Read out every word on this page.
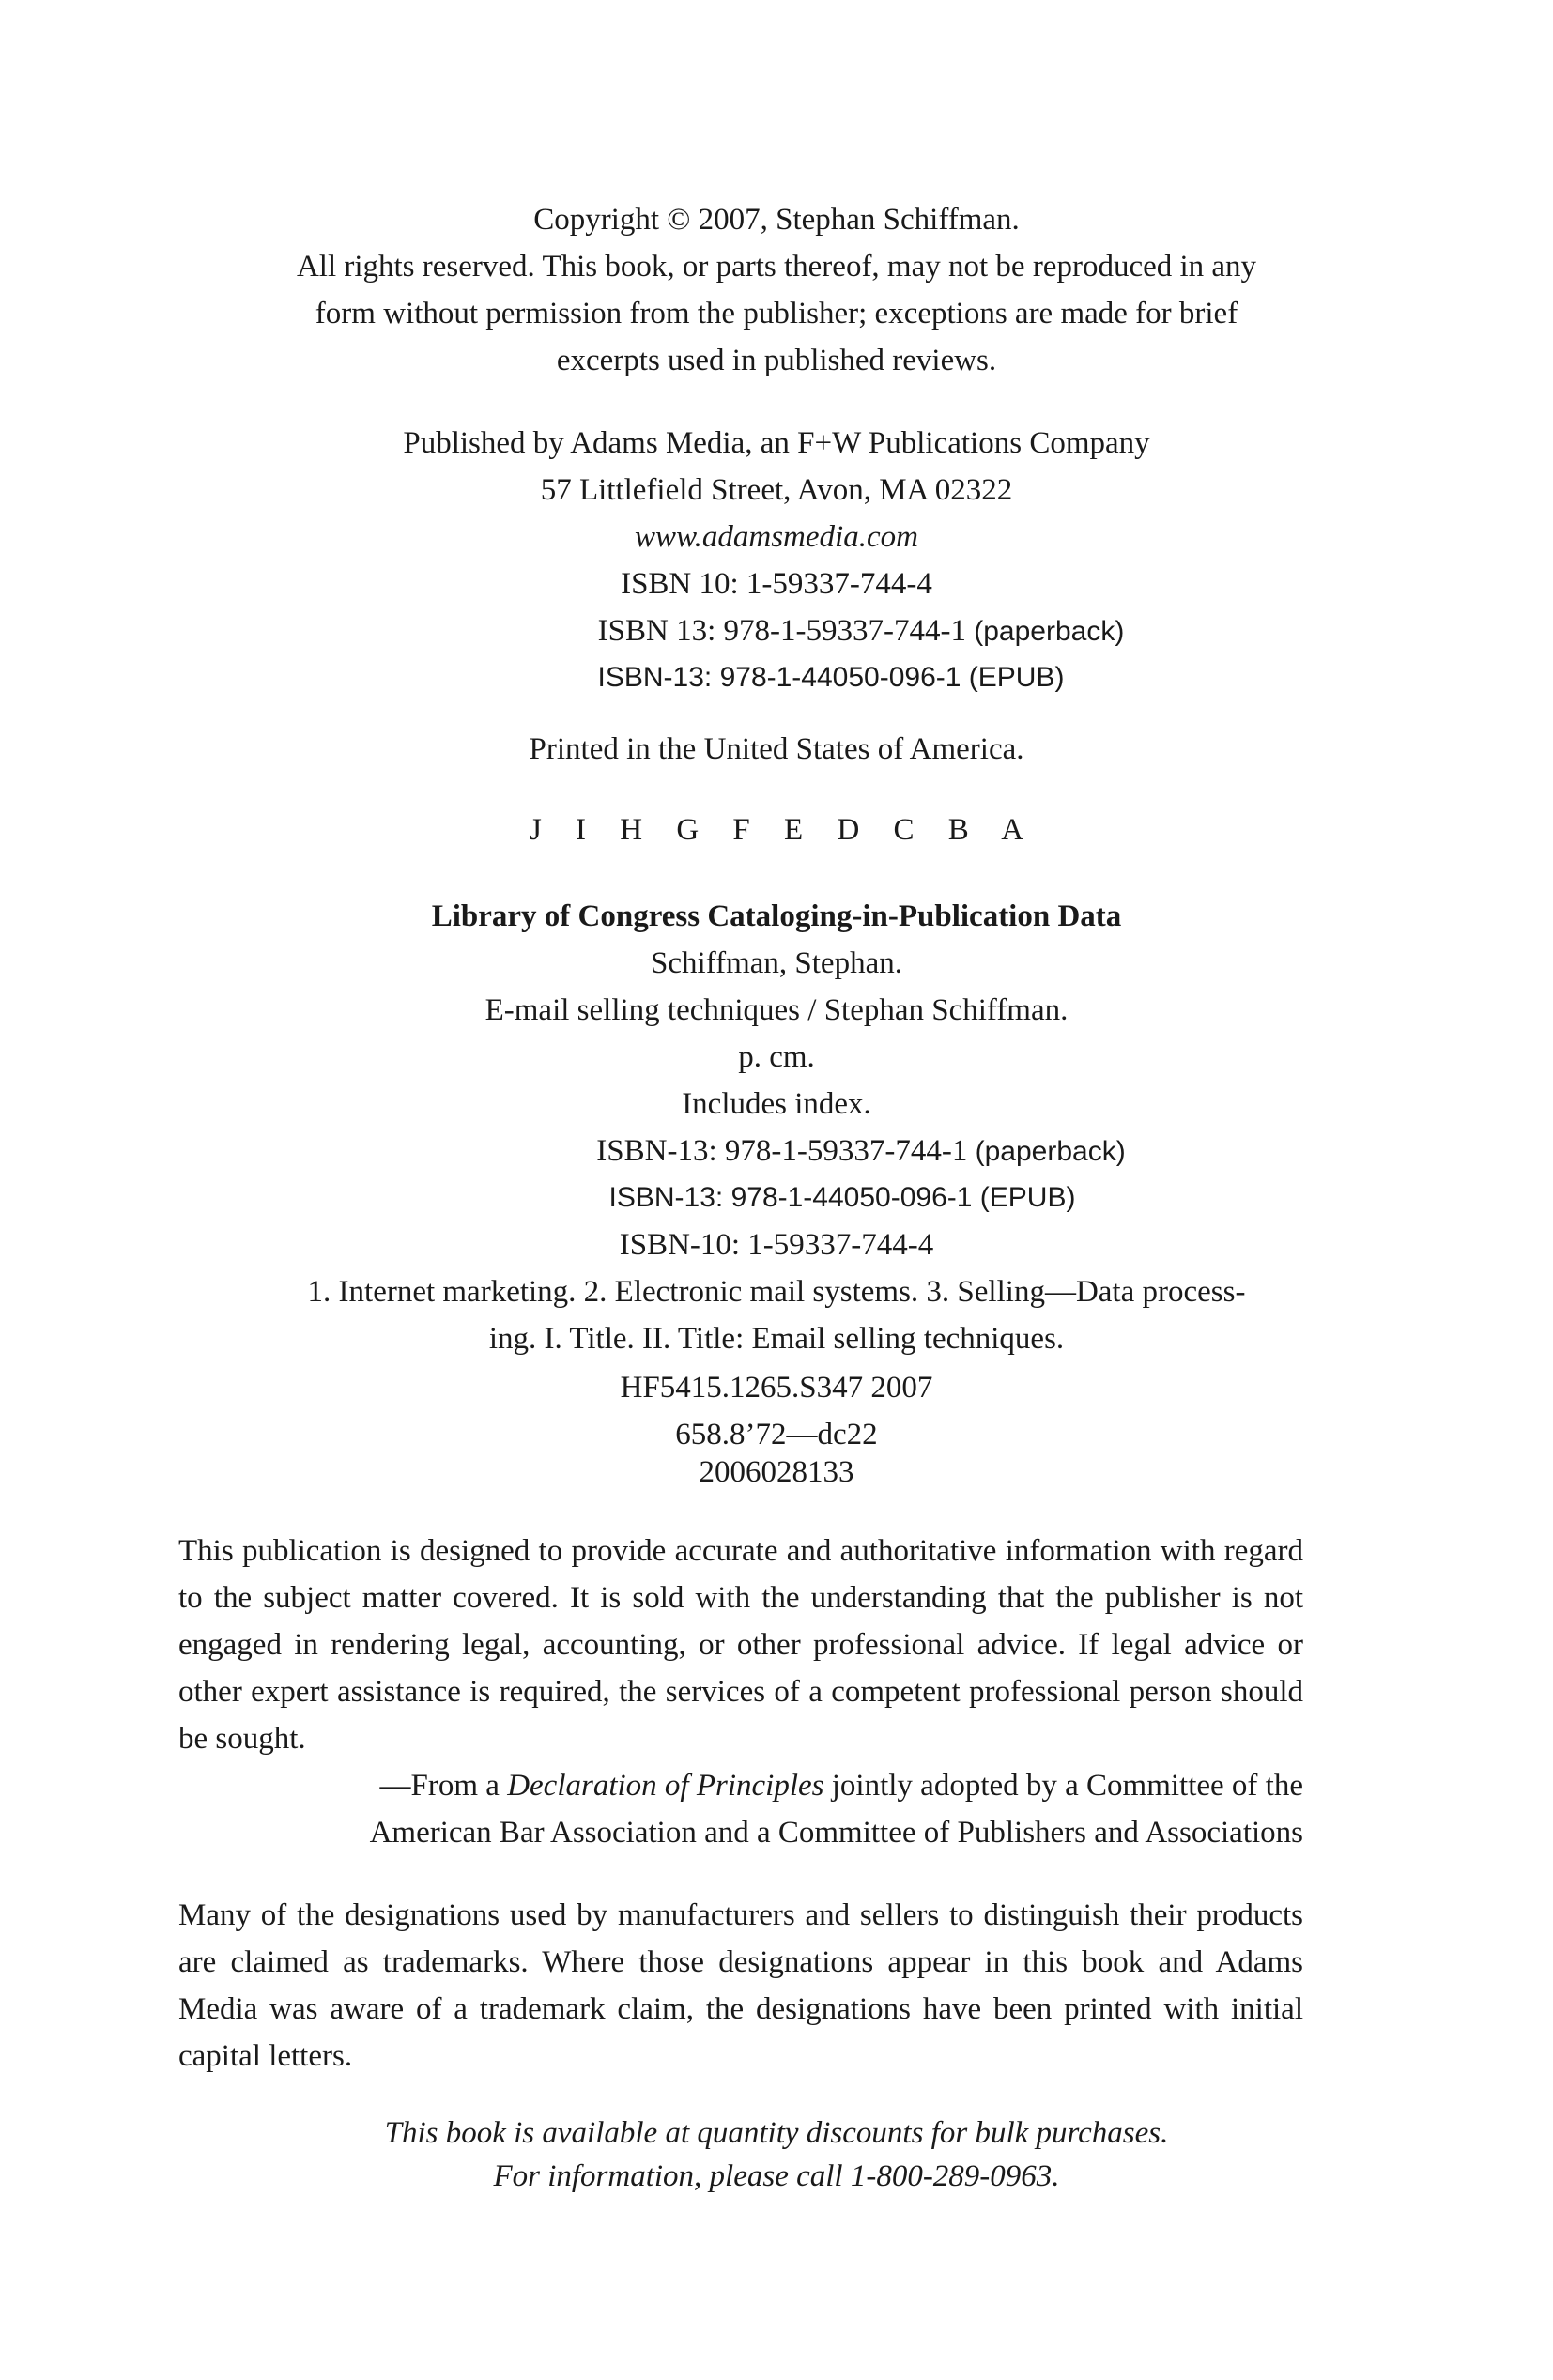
Copyright © 2007, Stephan Schiffman.
All rights reserved. This book, or parts thereof, may not be reproduced in any
form without permission from the publisher; exceptions are made for brief
excerpts used in published reviews.
Published by Adams Media, an F+W Publications Company
57 Littlefield Street, Avon, MA 02322
www.adamsmedia.com
ISBN 10: 1-59337-744-4
ISBN 13: 978-1-59337-744-1 (paperback)
ISBN-13: 978-1-44050-096-1 (EPUB)
Printed in the United States of America.
J I H G F E D C B A
Library of Congress Cataloging-in-Publication Data
Schiffman, Stephan.
E-mail selling techniques / Stephan Schiffman.
p. cm.
Includes index.
ISBN-13: 978-1-59337-744-1 (paperback)
ISBN-13: 978-1-44050-096-1 (EPUB)
ISBN-10: 1-59337-744-4
1. Internet marketing. 2. Electronic mail systems. 3. Selling—Data process-
ing. I. Title. II. Title: Email selling techniques.
HF5415.1265.S347 2007
658.8’72—dc22
2006028133

This publication is designed to provide accurate and authoritative information with regard to the subject matter covered. It is sold with the understanding that the publisher is not engaged in rendering legal, accounting, or other professional advice. If legal advice or other expert assistance is required, the services of a competent professional person should be sought.

—From a Declaration of Principles jointly adopted by a Committee of the
American Bar Association and a Committee of Publishers and Associations

Many of the designations used by manufacturers and sellers to distinguish their products are claimed as trademarks. Where those designations appear in this book and Adams Media was aware of a trademark claim, the designations have been printed with initial capital letters.

This book is available at quantity discounts for bulk purchases.
For information, please call 1-800-289-0963.
